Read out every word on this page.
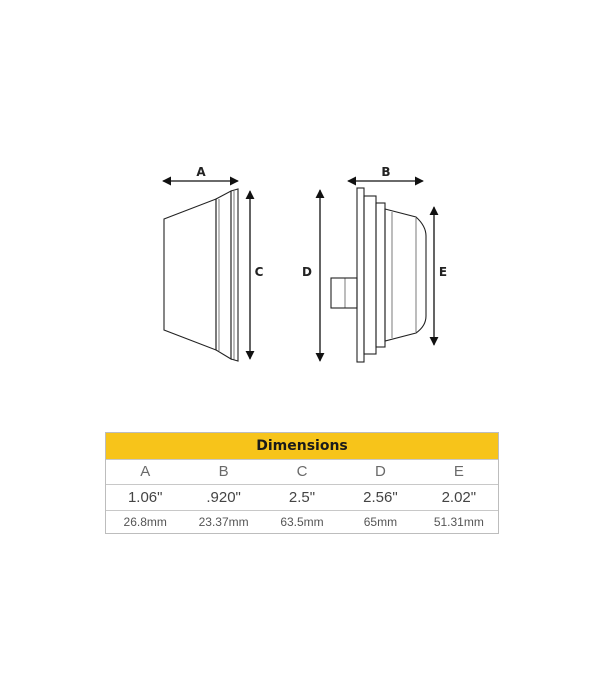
A	B
C	D	E
Dimensions
A	B	C	D	E
1.06"	.920"	2.5"	2.56"	2.02"
26.8mm	23.37mm	63.5mm	65mm	51.31mm
